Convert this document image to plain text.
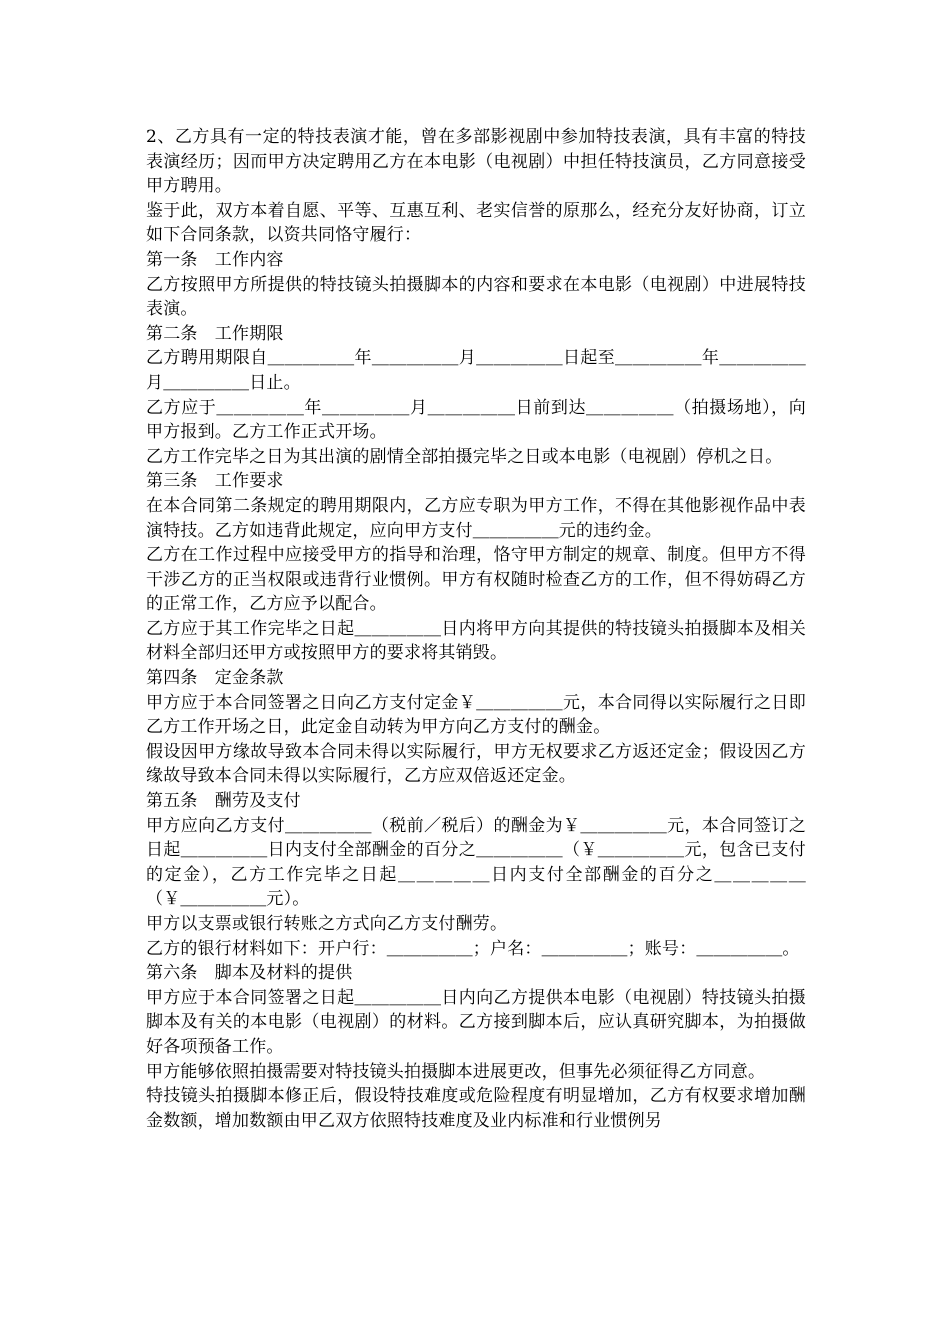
2、乙方具有一定的特技表演才能，曾在多部影视剧中参加特技表演，具有丰富的特技表演经历；因而甲方决定聘用乙方在本电影（电视剧）中担任特技演员，乙方同意接受甲方聘用。

鉴于此，双方本着自愿、平等、互惠互利、老实信誉的原那么，经充分友好协商，订立如下合同条款，以资共同恪守履行：

第一条　工作内容

乙方按照甲方所提供的特技镜头拍摄脚本的内容和要求在本电影（电视剧）中进展特技表演。

第二条　工作期限

乙方聘用期限自＿＿＿＿＿年＿＿＿＿＿月＿＿＿＿＿日起至＿＿＿＿＿年＿＿＿＿＿月＿＿＿＿＿日止。

乙方应于＿＿＿＿＿年＿＿＿＿＿月＿＿＿＿＿日前到达＿＿＿＿＿（拍摄场地），向甲方报到。乙方工作正式开场。

乙方工作完毕之日为其出演的剧情全部拍摄完毕之日或本电影（电视剧）停机之日。

第三条　工作要求

在本合同第二条规定的聘用期限内，乙方应专职为甲方工作，不得在其他影视作品中表演特技。乙方如违背此规定，应向甲方支付＿＿＿＿＿元的违约金。

乙方在工作过程中应接受甲方的指导和治理，恪守甲方制定的规章、制度。但甲方不得干涉乙方的正当权限或违背行业惯例。甲方有权随时检查乙方的工作，但不得妨碍乙方的正常工作，乙方应予以配合。

乙方应于其工作完毕之日起＿＿＿＿＿日内将甲方向其提供的特技镜头拍摄脚本及相关材料全部归还甲方或按照甲方的要求将其销毁。

第四条　定金条款

甲方应于本合同签署之日向乙方支付定金￥＿＿＿＿＿元，本合同得以实际履行之日即乙方工作开场之日，此定金自动转为甲方向乙方支付的酬金。

假设因甲方缘故导致本合同未得以实际履行，甲方无权要求乙方返还定金；假设因乙方缘故导致本合同未得以实际履行，乙方应双倍返还定金。

第五条　酬劳及支付

甲方应向乙方支付＿＿＿＿＿（税前／税后）的酬金为￥＿＿＿＿＿元，本合同签订之日起＿＿＿＿＿日内支付全部酬金的百分之＿＿＿＿＿（￥＿＿＿＿＿元，包含已支付的定金），乙方工作完毕之日起＿＿＿＿＿日内支付全部酬金的百分之＿＿＿＿＿（￥＿＿＿＿＿元）。

甲方以支票或银行转账之方式向乙方支付酬劳。

乙方的银行材料如下：开户行：＿＿＿＿＿；户名：＿＿＿＿＿；账号：＿＿＿＿＿。

第六条　脚本及材料的提供

甲方应于本合同签署之日起＿＿＿＿＿日内向乙方提供本电影（电视剧）特技镜头拍摄脚本及有关的本电影（电视剧）的材料。乙方接到脚本后，应认真研究脚本，为拍摄做好各项预备工作。

甲方能够依照拍摄需要对特技镜头拍摄脚本进展更改，但事先必须征得乙方同意。

特技镜头拍摄脚本修正后，假设特技难度或危险程度有明显增加，乙方有权要求增加酬金数额，增加数额由甲乙双方依照特技难度及业内标准和行业惯例另
